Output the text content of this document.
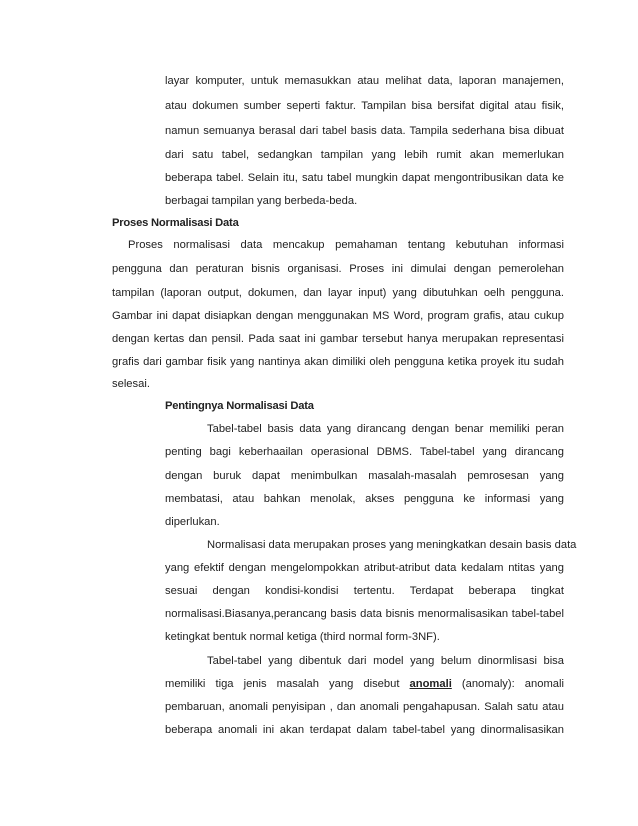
layar komputer, untuk memasukkan atau melihat data, laporan manajemen,
atau dokumen sumber seperti faktur. Tampilan bisa bersifat digital atau fisik,
namun semuanya berasal dari tabel basis data. Tampila sederhana bisa dibuat
dari satu tabel, sedangkan tampilan yang lebih rumit akan memerlukan
beberapa tabel. Selain itu, satu tabel mungkin dapat mengontribusikan data ke
berbagai tampilan yang berbeda-beda.
Proses Normalisasi Data
Proses normalisasi data mencakup pemahaman tentang kebutuhan informasi
pengguna dan peraturan bisnis organisasi. Proses ini dimulai dengan pemerolehan
tampilan (laporan output, dokumen, dan layar input) yang dibutuhkan oelh pengguna.
Gambar ini dapat disiapkan dengan menggunakan MS Word, program grafis, atau cukup
dengan kertas dan pensil. Pada saat ini gambar tersebut hanya merupakan representasi
grafis dari gambar fisik yang nantinya akan dimiliki oleh pengguna ketika proyek itu sudah
selesai.
Pentingnya Normalisasi Data
Tabel-tabel basis data yang dirancang dengan benar memiliki peran
penting bagi keberhaailan operasional DBMS. Tabel-tabel yang dirancang
dengan buruk dapat menimbulkan masalah-masalah pemrosesan yang
membatasi, atau bahkan menolak, akses pengguna ke informasi yang
diperlukan.
Normalisasi data merupakan proses yang meningkatkan desain basis data
yang efektif dengan mengelompokkan atribut-atribut data kedalam ntitas yang
sesuai dengan kondisi-kondisi tertentu. Terdapat beberapa tingkat
normalisasi.Biasanya,perancang basis data bisnis menormalisasikan tabel-tabel
ketingkat bentuk normal ketiga (third normal form-3NF).
Tabel-tabel yang dibentuk dari model yang belum dinormlisasi bisa
memiliki tiga jenis masalah yang disebut anomali (anomaly): anomali
pembaruan, anomali penyisipan , dan anomali pengahapusan. Salah satu atau
beberapa anomali ini akan terdapat dalam tabel-tabel yang dinormalisasikan
